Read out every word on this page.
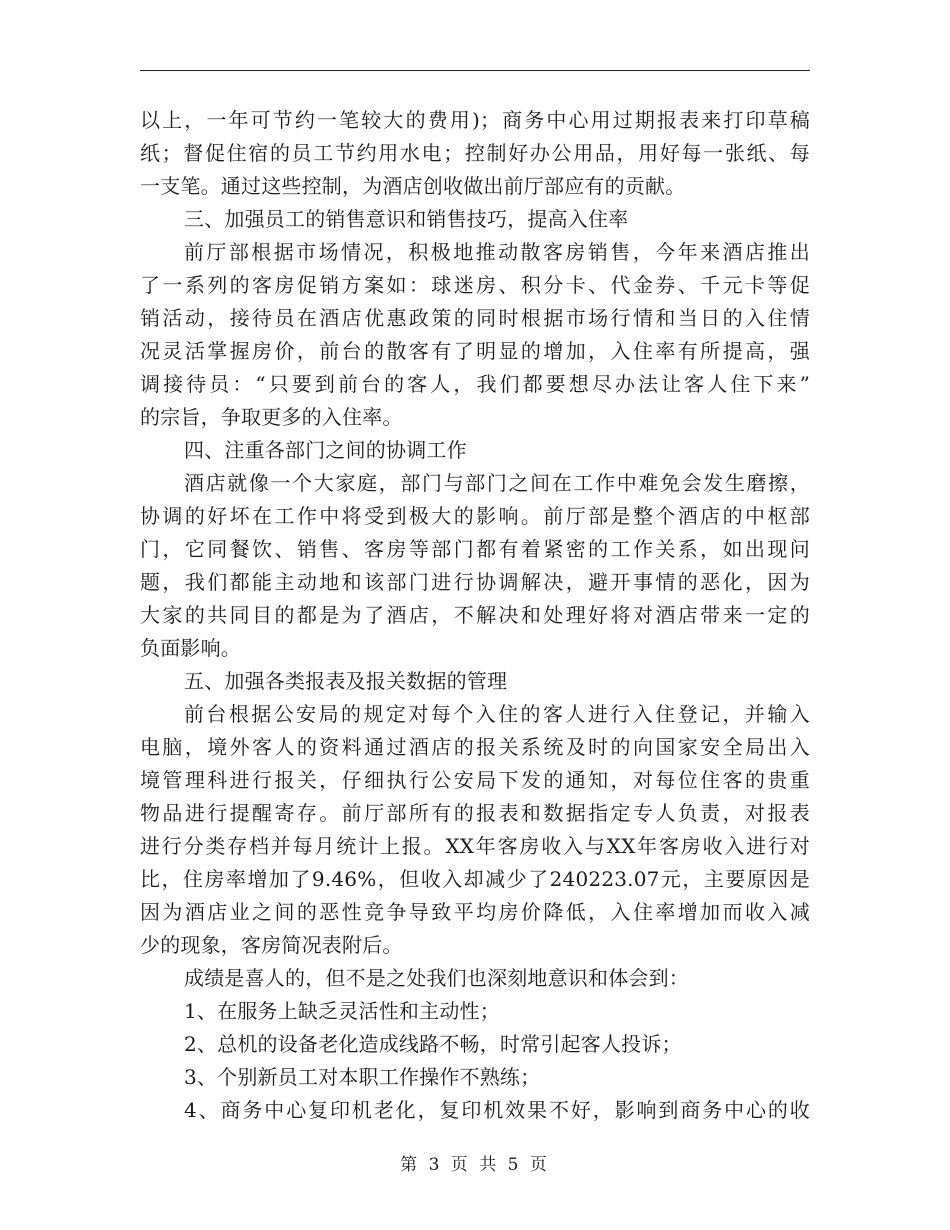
以上，一年可节约一笔较大的费用)；商务中心用过期报表来打印草稿
纸；督促住宿的员工节约用水电；控制好办公用品，用好每一张纸、每
一支笔。通过这些控制，为酒店创收做出前厅部应有的贡献。
三、加强员工的销售意识和销售技巧，提高入住率
前厅部根据市场情况，积极地推动散客房销售，今年来酒店推出
了一系列的客房促销方案如：球迷房、积分卡、代金券、千元卡等促
销活动，接待员在酒店优惠政策的同时根据市场行情和当日的入住情
况灵活掌握房价，前台的散客有了明显的增加，入住率有所提高，强
调接待员：“只要到前台的客人，我们都要想尽办法让客人住下来”
的宗旨，争取更多的入住率。
四、注重各部门之间的协调工作
酒店就像一个大家庭，部门与部门之间在工作中难免会发生磨擦，
协调的好坏在工作中将受到极大的影响。前厅部是整个酒店的中枢部
门，它同餐饮、销售、客房等部门都有着紧密的工作关系，如出现问
题，我们都能主动地和该部门进行协调解决，避开事情的恶化，因为
大家的共同目的都是为了酒店，不解决和处理好将对酒店带来一定的
负面影响。
五、加强各类报表及报关数据的管理
前台根据公安局的规定对每个入住的客人进行入住登记，并输入
电脑，境外客人的资料通过酒店的报关系统及时的向国家安全局出入
境管理科进行报关，仔细执行公安局下发的通知，对每位住客的贵重
物品进行提醒寄存。前厅部所有的报表和数据指定专人负责，对报表
进行分类存档并每月统计上报。XX年客房收入与XX年客房收入进行对
比，住房率增加了9.46%，但收入却减少了240223.07元，主要原因是
因为酒店业之间的恶性竞争导致平均房价降低，入住率增加而收入减
少的现象，客房简况表附后。
成绩是喜人的，但不是之处我们也深刻地意识和体会到：
1、在服务上缺乏灵活性和主动性；
2、总机的设备老化造成线路不畅，时常引起客人投诉；
3、个别新员工对本职工作操作不熟练；
4、商务中心复印机老化，复印机效果不好，影响到商务中心的收
第 3 页 共 5 页
